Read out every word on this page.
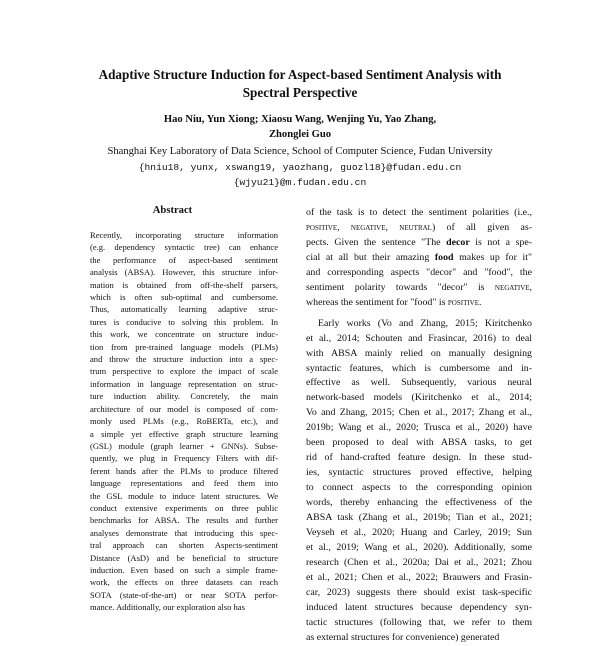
Adaptive Structure Induction for Aspect-based Sentiment Analysis with
Spectral Perspective
Hao Niu, Yun Xiong; Xiaosu Wang, Wenjing Yu, Yao Zhang,
Zhonglei Guo
Shanghai Key Laboratory of Data Science, School of Computer Science, Fudan University
{hniu18, yunx, xswang19, yaozhang, guozl18}@fudan.edu.cn
{wjyu21}@m.fudan.edu.cn
Abstract
Recently, incorporating structure information
(e.g. dependency syntactic tree) can enhance
the performance of aspect-based sentiment
analysis (ABSA). However, this structure infor-
mation is obtained from off-the-shelf parsers,
which is often sub-optimal and cumbersome.
Thus, automatically learning adaptive struc-
tures is conducive to solving this problem. In
this work, we concentrate on structure induc-
tion from pre-trained language models (PLMs)
and throw the structure induction into a spec-
trum perspective to explore the impact of scale
information in language representation on struc-
ture induction ability. Concretely, the main
architecture of our model is composed of com-
monly used PLMs (e.g., RoBERTa, etc.), and
a simple yet effective graph structure learning
(GSL) module (graph learner + GNNs). Subse-
quently, we plug in Frequency Filters with dif-
ferent bands after the PLMs to produce filtered
language representations and feed them into
the GSL module to induce latent structures. We
conduct extensive experiments on three public
benchmarks for ABSA. The results and further
analyses demonstrate that introducing this spec-
tral approach can shorten Aspects-sentiment
Distance (AsD) and be beneficial to structure
induction. Even based on such a simple frame-
work, the effects on three datasets can reach
SOTA (state-of-the-art) or near SOTA perfor-
mance. Additionally, our exploration also has
of the task is to detect the sentiment polarities (i.e.,
positive, negative, neutral) of all given as-
pects. Given the sentence "The decor is not a spe-
cial at all but their amazing food makes up for it"
and corresponding aspects "decor" and "food", the
sentiment polarity towards "decor" is negative,
whereas the sentiment for "food" is positive.
Early works (Vo and Zhang, 2015; Kiritchenko
et al., 2014; Schouten and Frasincar, 2016) to deal
with ABSA mainly relied on manually designing
syntactic features, which is cumbersome and in-
effective as well. Subsequently, various neural
network-based models (Kiritchenko et al., 2014;
Vo and Zhang, 2015; Chen et al., 2017; Zhang et al.,
2019b; Wang et al., 2020; Trusca et al., 2020) have
been proposed to deal with ABSA tasks, to get
rid of hand-crafted feature design. In these stud-
ies, syntactic structures proved effective, helping
to connect aspects to the corresponding opinion
words, thereby enhancing the effectiveness of the
ABSA task (Zhang et al., 2019b; Tian et al., 2021;
Veyseh et al., 2020; Huang and Carley, 2019; Sun
et al., 2019; Wang et al., 2020). Additionally, some
research (Chen et al., 2020a; Dai et al., 2021; Zhou
et al., 2021; Chen et al., 2022; Brauwers and Frasin-
car, 2023) suggests there should exist task-specific
induced latent structures because dependency syn-
tactic structures (following that, we refer to them
as external structures for convenience) generated
